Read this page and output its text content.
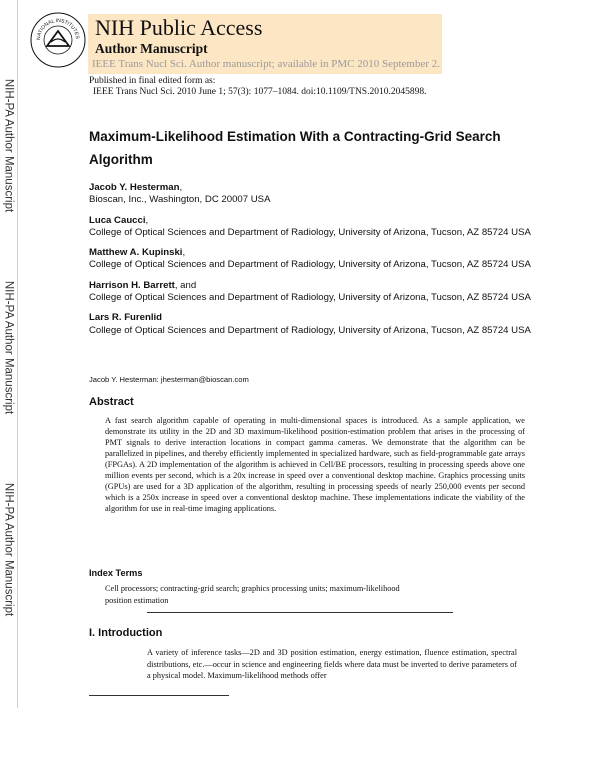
NIH-PA Author Manuscript
NIH-PA Author Manuscript
NIH-PA Author Manuscript
NATIONAL INSTITUTES NIH Public Access
Author Manuscript
IEEE Trans Nucl Sci. Author manuscript; available in PMC 2010 September 2.
Published in final edited form as:
IEEE Trans Nucl Sci. 2010 June 1; 57(3): 1077–1084. doi:10.1109/TNS.2010.2045898.
Maximum-Likelihood Estimation With a Contracting-Grid Search Algorithm
Jacob Y. Hesterman,
Bioscan, Inc., Washington, DC 20007 USA
Luca Caucci,
College of Optical Sciences and Department of Radiology, University of Arizona, Tucson, AZ 85724 USA
Matthew A. Kupinski,
College of Optical Sciences and Department of Radiology, University of Arizona, Tucson, AZ 85724 USA
Harrison H. Barrett, and
College of Optical Sciences and Department of Radiology, University of Arizona, Tucson, AZ 85724 USA
Lars R. Furenlid
College of Optical Sciences and Department of Radiology, University of Arizona, Tucson, AZ 85724 USA
Jacob Y. Hesterman: jhesterman@bioscan.com
Abstract
A fast search algorithm capable of operating in multi-dimensional spaces is introduced. As a sample application, we demonstrate its utility in the 2D and 3D maximum-likelihood position-estimation problem that arises in the processing of PMT signals to derive interaction locations in compact gamma cameras. We demonstrate that the algorithm can be parallelized in pipelines, and thereby efficiently implemented in specialized hardware, such as field-programmable gate arrays (FPGAs). A 2D implementation of the algorithm is achieved in Cell/BE processors, resulting in processing speeds above one million events per second, which is a 20x increase in speed over a conventional desktop machine. Graphics processing units (GPUs) are used for a 3D application of the algorithm, resulting in processing speeds of nearly 250,000 events per second which is a 250x increase in speed over a conventional desktop machine. These implementations indicate the viability of the algorithm for use in real-time imaging applications.
Index Terms
Cell processors; contracting-grid search; graphics processing units; maximum-likelihood position estimation
I. Introduction
A variety of inference tasks—2D and 3D position estimation, energy estimation, fluence estimation, spectral distributions, etc.—occur in science and engineering fields where data must be inverted to derive parameters of a physical model. Maximum-likelihood methods offer
